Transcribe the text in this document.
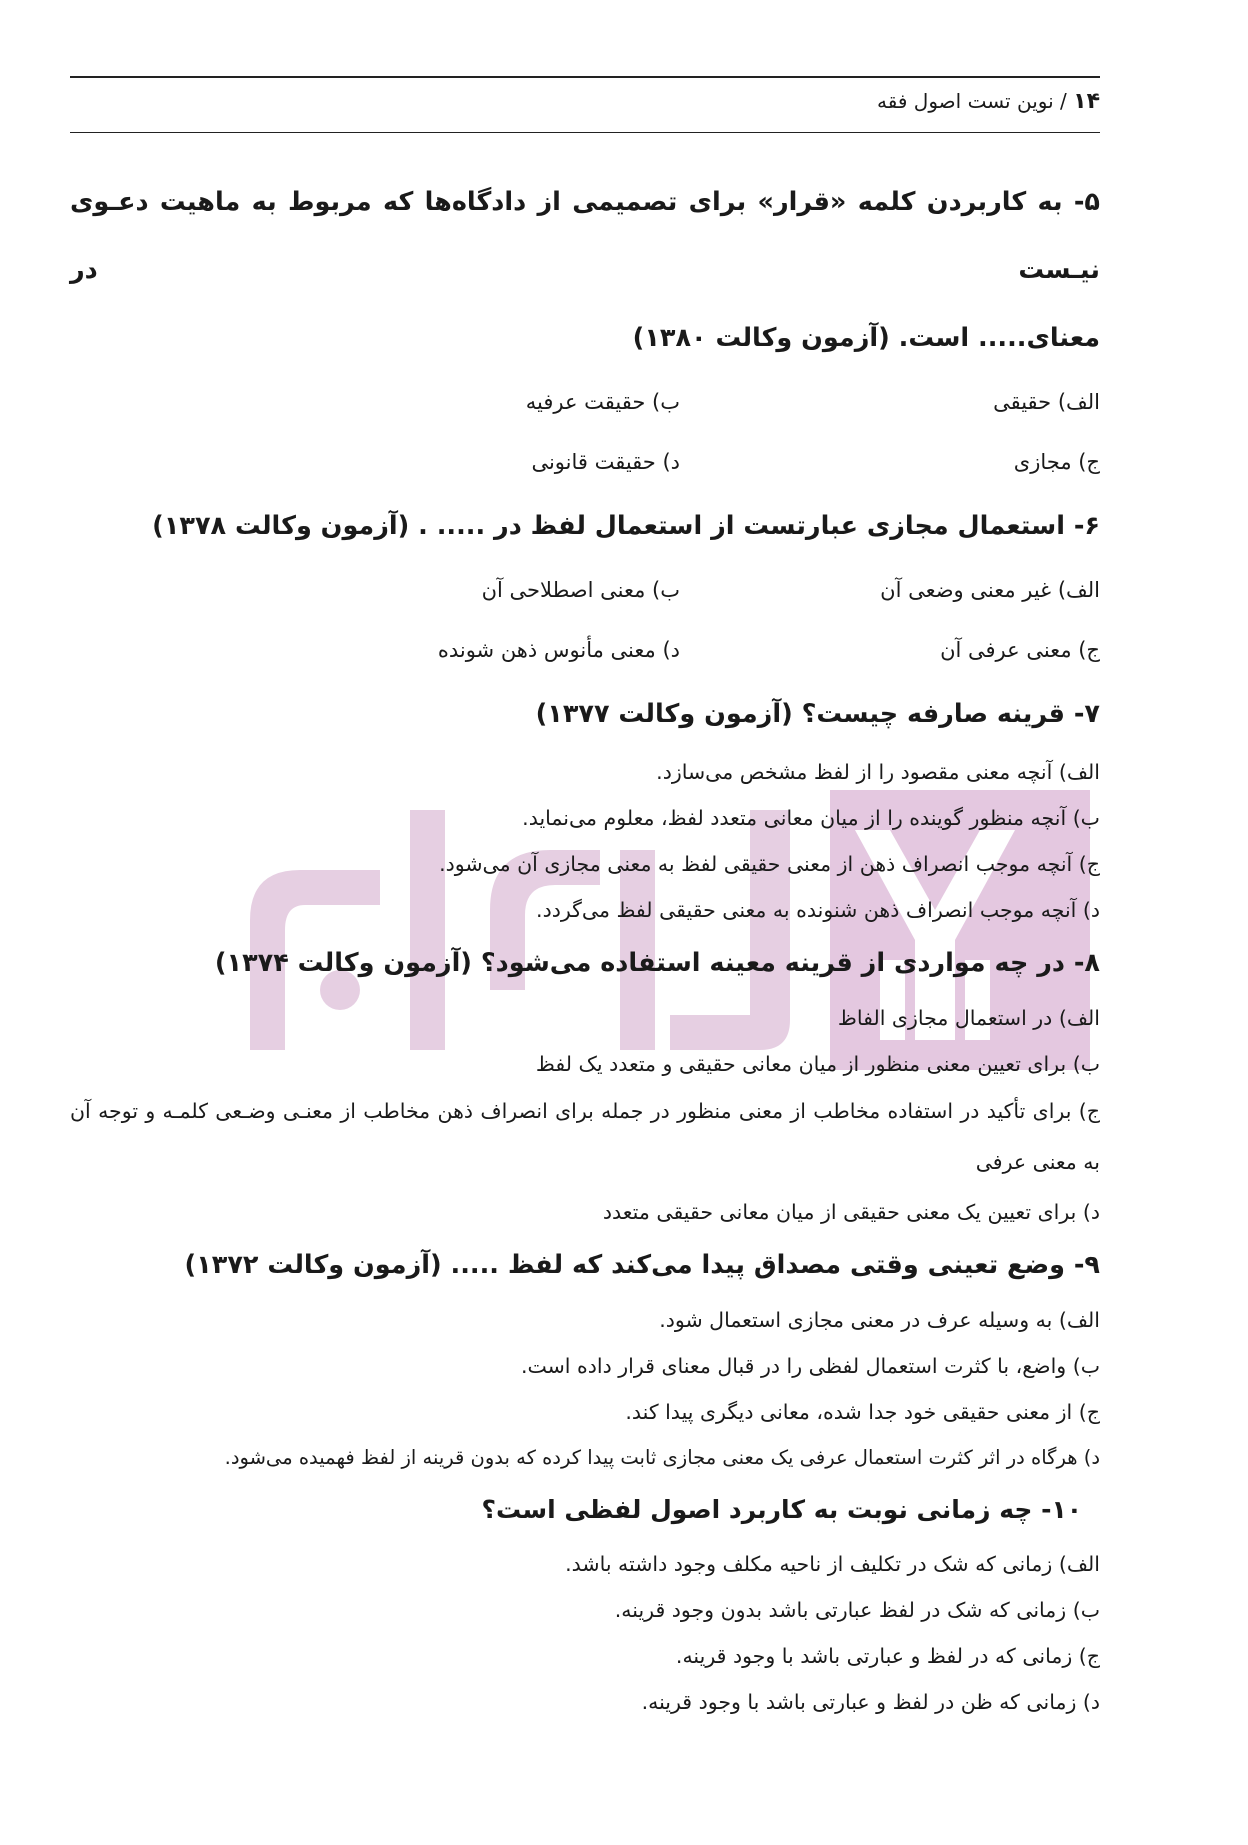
۱۴ / نوین تست اصول فقه

۵- به کاربردن کلمه «قرار» برای تصمیمی از دادگاه‌ها که مربوط به ماهیت دعـوی نیـست در

معنای..... است. (آزمون وکالت ۱۳۸۰)

الف) حقیقی
ب) حقیقت عرفیه
ج) مجازی
د) حقیقت قانونی

۶- استعمال مجازی عبارتست از استعمال لفظ در ..... . (آزمون وکالت ۱۳۷۸)

الف) غیر معنی وضعی آن
ب) معنی اصطلاحی آن
ج) معنی عرفی آن
د) معنی مأنوس ذهن شونده

۷- قرینه صارفه چیست؟ (آزمون وکالت ۱۳۷۷)

الف) آنچه معنی مقصود را از لفظ مشخص می‌سازد.
ب) آنچه منظور گوینده را از میان معانی متعدد لفظ، معلوم می‌نماید.
ج) آنچه موجب انصراف ذهن از معنی حقیقی لفظ به معنی مجازی آن می‌شود.
د) آنچه موجب انصراف ذهن شنونده به معنی حقیقی لفظ می‌گردد.

۸- در چه مواردی از قرینه معینه استفاده می‌شود؟ (آزمون وکالت ۱۳۷۴)

الف) در استعمال مجازی الفاظ
ب) برای تعیین معنی منظور از میان معانی حقیقی و متعدد یک لفظ
ج) برای تأکید در استفاده مخاطب از معنی منظور در جمله برای انصراف ذهن مخاطب از معنـی وضـعی کلمـه و توجه آن به معنی عرفی
د) برای تعیین یک معنی حقیقی از میان معانی حقیقی متعدد

۹- وضع تعینی وقتی مصداق پیدا می‌کند که لفظ ..... (آزمون وکالت ۱۳۷۲)

الف) به وسیله عرف در معنی مجازی استعمال شود.
ب) واضع، با کثرت استعمال لفظی را در قبال معنای قرار داده است.
ج) از معنی حقیقی خود جدا شده، معانی دیگری پیدا کند.
د) هرگاه در اثر کثرت استعمال عرفی یک معنی مجازی ثابت پیدا کرده که بدون قرینه از لفظ فهمیده می‌شود.

۱۰- چه زمانی نوبت به کاربرد اصول لفظی است؟

الف) زمانی که شک در تکلیف از ناحیه مکلف وجود داشته باشد.
ب) زمانی که شک در لفظ عبارتی باشد بدون وجود قرینه.
ج) زمانی که در لفظ و عبارتی باشد با وجود قرینه.
د) زمانی که ظن در لفظ و عبارتی باشد با وجود قرینه.
